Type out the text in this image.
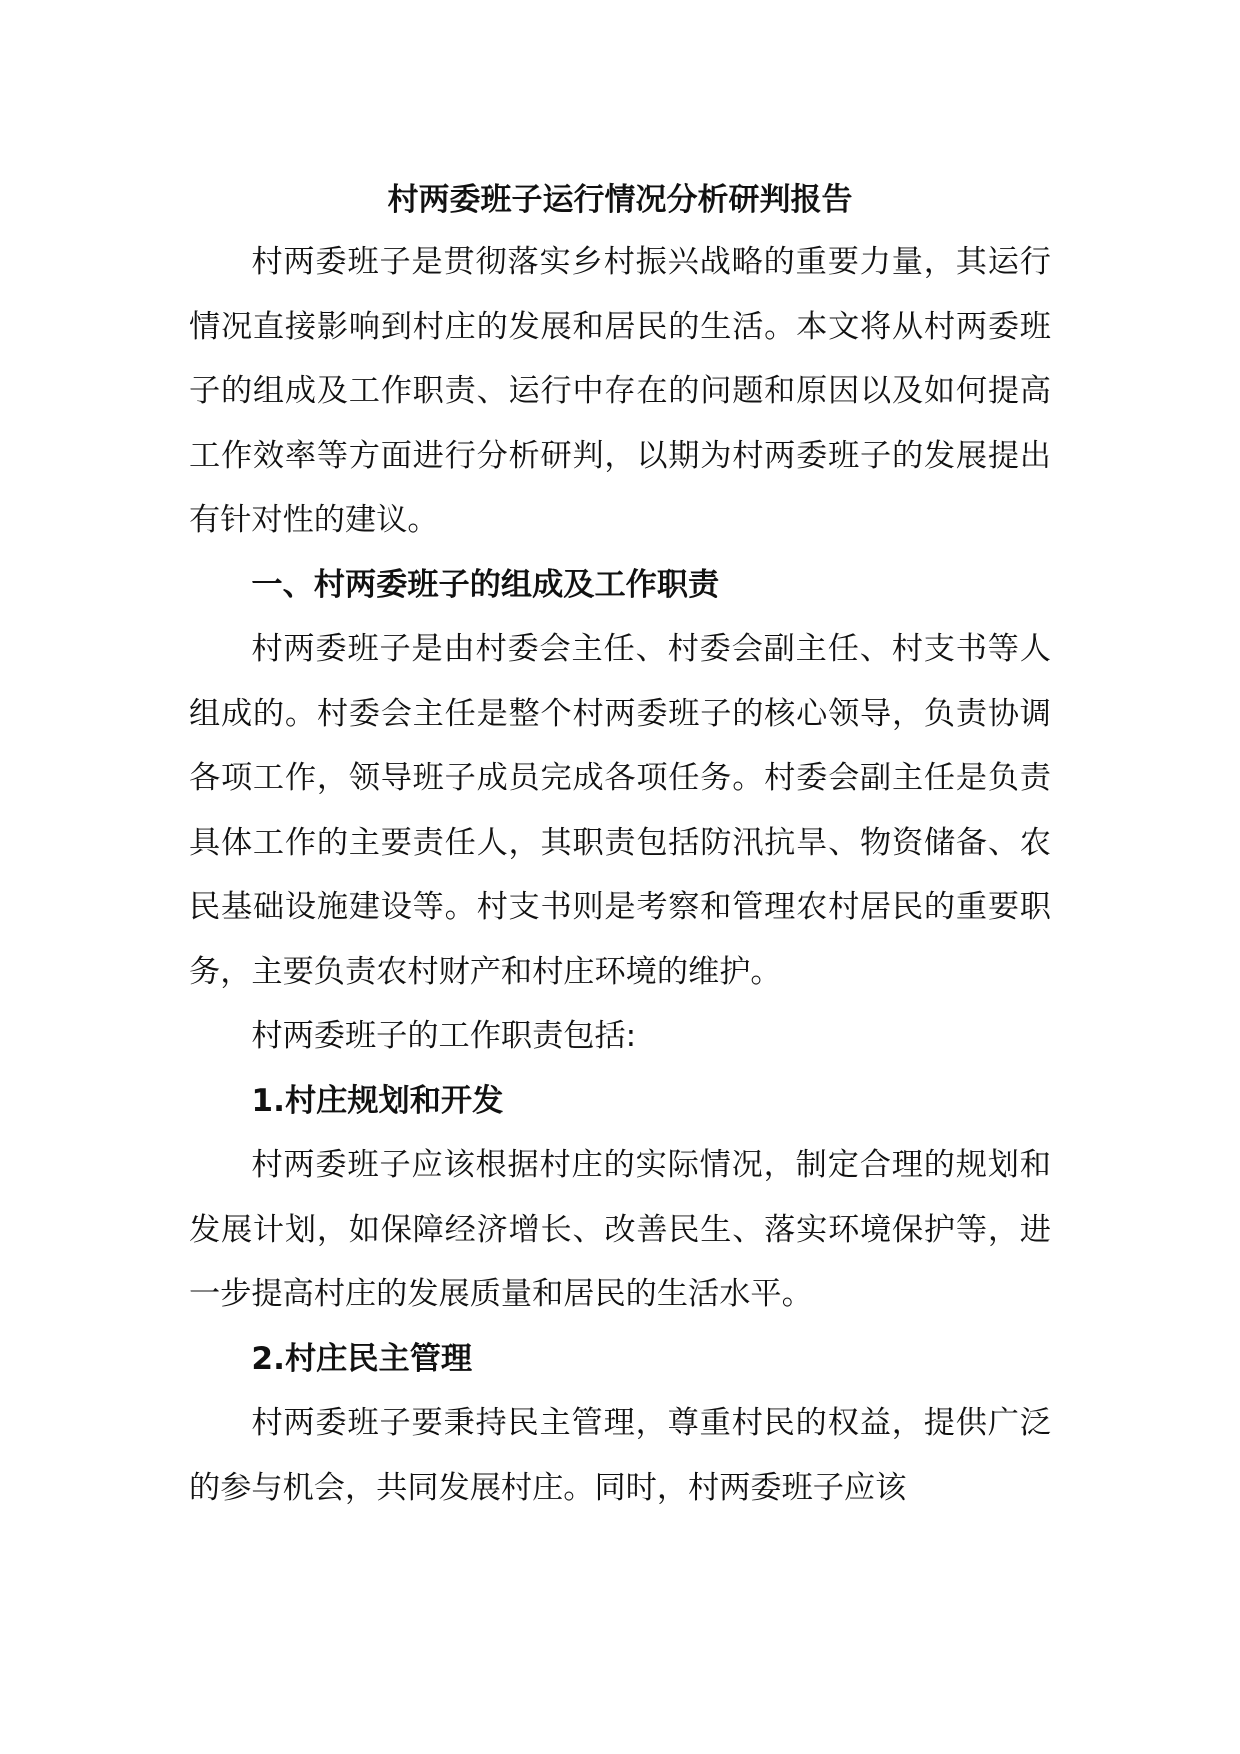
村两委班子运行情况分析研判报告

村两委班子是贯彻落实乡村振兴战略的重要力量，其运行情况直接影响到村庄的发展和居民的生活。本文将从村两委班子的组成及工作职责、运行中存在的问题和原因以及如何提高工作效率等方面进行分析研判，以期为村两委班子的发展提出有针对性的建议。

一、村两委班子的组成及工作职责

村两委班子是由村委会主任、村委会副主任、村支书等人组成的。村委会主任是整个村两委班子的核心领导，负责协调各项工作，领导班子成员完成各项任务。村委会副主任是负责具体工作的主要责任人，其职责包括防汛抗旱、物资储备、农民基础设施建设等。村支书则是考察和管理农村居民的重要职务，主要负责农村财产和村庄环境的维护。

村两委班子的工作职责包括:

1.村庄规划和开发

村两委班子应该根据村庄的实际情况，制定合理的规划和发展计划，如保障经济增长、改善民生、落实环境保护等，进一步提高村庄的发展质量和居民的生活水平。

2.村庄民主管理

村两委班子要秉持民主管理，尊重村民的权益，提供广泛的参与机会，共同发展村庄。同时，村两委班子应该
